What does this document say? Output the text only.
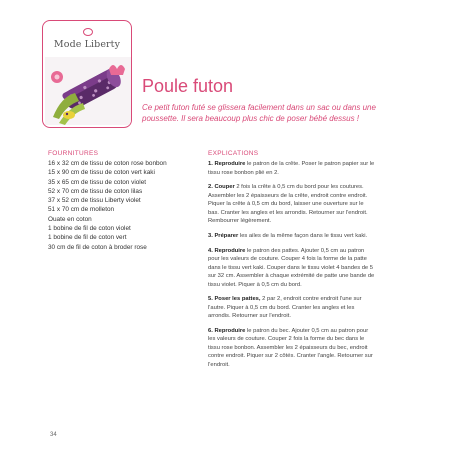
Mode Liberty
Poule futon

Ce petit futon futé se glissera facilement dans un sac ou dans une poussette. Il sera beaucoup plus chic de poser bébé dessus !

FOURNITURES
16 x 32 cm de tissu de coton rose bonbon
15 x 90 cm de tissu de coton vert kaki
35 x 65 cm de tissu de coton violet
52 x 70 cm de tissu de coton lilas
37 x 52 cm de tissu Liberty violet
51 x 70 cm de molleton
Ouate en coton
1 bobine de fil de coton violet
1 bobine de fil de coton vert
30 cm de fil de coton à broder rose
EXPLICATIONS

1. Reproduire le patron de la crête. Poser le patron papier sur le tissu rose bonbon plié en 2.

2. Couper 2 fois la crête à 0,5 cm du bord pour les coutures. Assembler les 2 épaisseurs de la crête, endroit contre endroit. Piquer la crête à 0,5 cm du bord, laisser une ouverture sur le bas. Cranter les angles et les arrondis. Retourner sur l'endroit. Rembourrer légèrement.

3. Préparer les ailes de la même façon dans le tissu vert kaki.

4. Reproduire le patron des pattes. Ajouter 0,5 cm au patron pour les valeurs de couture. Couper 4 fois la forme de la patte dans le tissu vert kaki. Couper dans le tissu violet 4 bandes de 5 sur 32 cm. Assembler à chaque extrémité de patte une bande de tissu violet. Piquer à 0,5 cm du bord.

5. Poser les pattes, 2 par 2, endroit contre endroit l'une sur l'autre. Piquer à 0,5 cm du bord. Cranter les angles et les arrondis. Retourner sur l'endroit.

6. Reproduire le patron du bec. Ajouter 0,5 cm au patron pour les valeurs de couture. Couper 2 fois la forme du bec dans le tissu rose bonbon. Assembler les 2 épaisseurs du bec, endroit contre endroit. Piquer sur 2 côtés. Cranter l'angle. Retourner sur l'endroit.

34
